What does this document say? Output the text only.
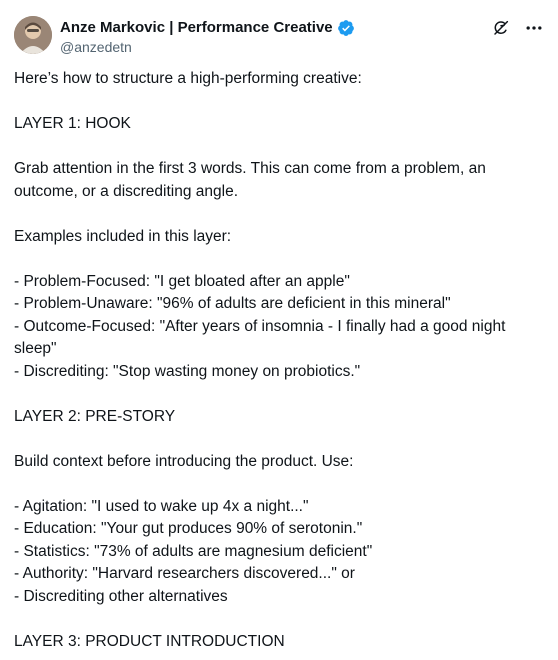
Anze Markovic | Performance Creative
@anzedetn
Here’s how to structure a high-performing creative:

LAYER 1: HOOK

Grab attention in the first 3 words. This can come from a problem, an outcome, or a discrediting angle.

Examples included in this layer:

- Problem-Focused: "I get bloated after an apple"
- Problem-Unaware: "96% of adults are deficient in this mineral"
- Outcome-Focused: "After years of insomnia - I finally had a good night sleep"
- Discrediting: "Stop wasting money on probiotics."

LAYER 2: PRE-STORY

Build context before introducing the product. Use:

- Agitation: "I used to wake up 4x a night..."
- Education: "Your gut produces 90% of serotonin."
- Statistics: "73% of adults are magnesium deficient"
- Authority: "Harvard researchers discovered..." or
- Discrediting other alternatives

LAYER 3: PRODUCT INTRODUCTION
